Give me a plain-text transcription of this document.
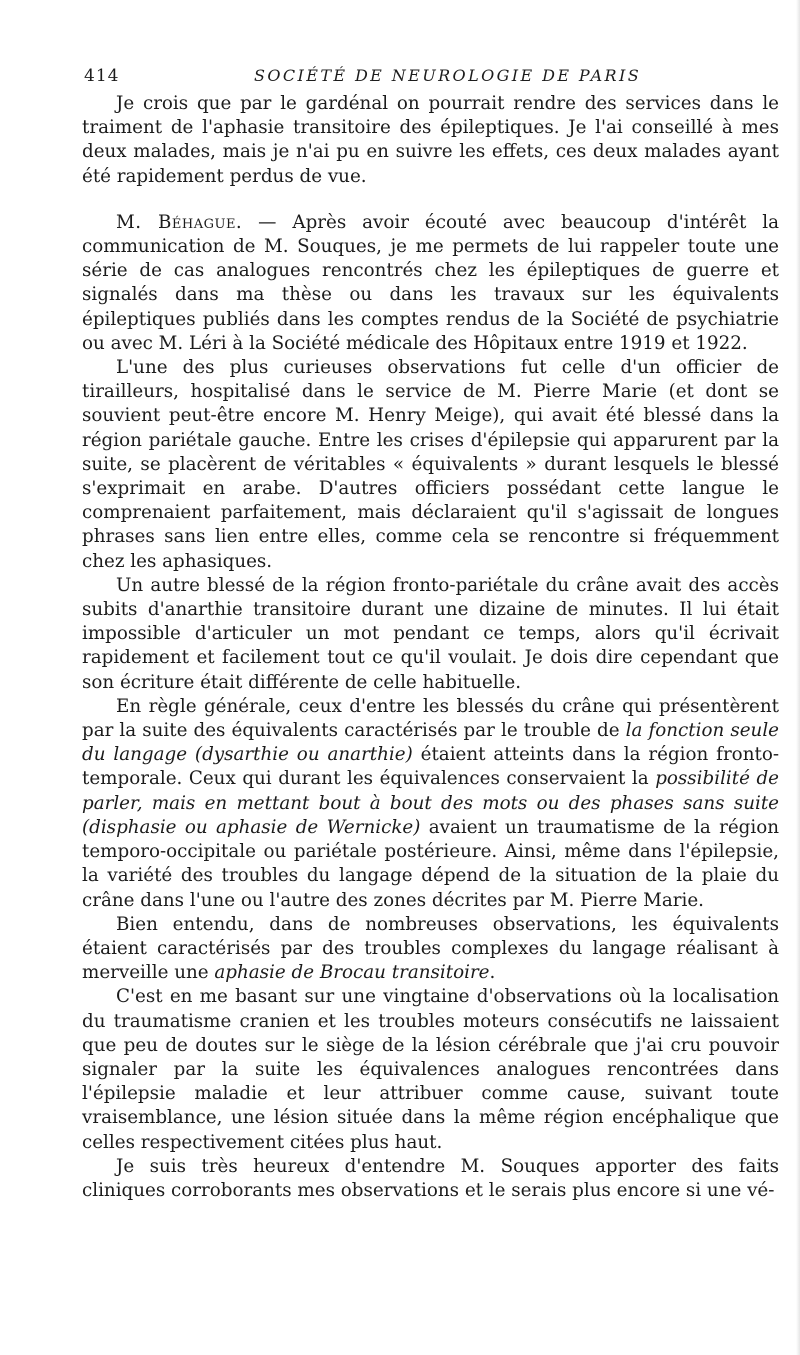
414	SOCIÉTÉ DE NEUROLOGIE DE PARIS

Je crois que par le gardénal on pourrait rendre des services dans le traiment de l'aphasie transitoire des épileptiques. Je l'ai conseillé à mes deux malades, mais je n'ai pu en suivre les effets, ces deux malades ayant été rapidement perdus de vue.

M. Béhague. — Après avoir écouté avec beaucoup d'intérêt la communication de M. Souques, je me permets de lui rappeler toute une série de cas analogues rencontrés chez les épileptiques de guerre et signalés dans ma thèse ou dans les travaux sur les équivalents épileptiques publiés dans les comptes rendus de la Société de psychiatrie ou avec M. Léri à la Société médicale des Hôpitaux entre 1919 et 1922.

L'une des plus curieuses observations fut celle d'un officier de tirailleurs, hospitalisé dans le service de M. Pierre Marie (et dont se souvient peut-être encore M. Henry Meige), qui avait été blessé dans la région pariétale gauche. Entre les crises d'épilepsie qui apparurent par la suite, se placèrent de véritables « équivalents » durant lesquels le blessé s'exprimait en arabe. D'autres officiers possédant cette langue le comprenaient parfaitement, mais déclaraient qu'il s'agissait de longues phrases sans lien entre elles, comme cela se rencontre si fréquemment chez les aphasiques.

Un autre blessé de la région fronto-pariétale du crâne avait des accès subits d'anarthie transitoire durant une dizaine de minutes. Il lui était impossible d'articuler un mot pendant ce temps, alors qu'il écrivait rapidement et facilement tout ce qu'il voulait. Je dois dire cependant que son écriture était différente de celle habituelle.

En règle générale, ceux d'entre les blessés du crâne qui présentèrent par la suite des équivalents caractérisés par le trouble de la fonction seule du langage (dysarthie ou anarthie) étaient atteints dans la région fronto-temporale. Ceux qui durant les équivalences conservaient la possibilité de parler, mais en mettant bout à bout des mots ou des phases sans suite (disphasie ou aphasie de Wernicke) avaient un traumatisme de la région temporo-occipitale ou pariétale postérieure. Ainsi, même dans l'épilepsie, la variété des troubles du langage dépend de la situation de la plaie du crâne dans l'une ou l'autre des zones décrites par M. Pierre Marie.

Bien entendu, dans de nombreuses observations, les équivalents étaient caractérisés par des troubles complexes du langage réalisant à merveille une aphasie de Brocau transitoire.

C'est en me basant sur une vingtaine d'observations où la localisation du traumatisme cranien et les troubles moteurs consécutifs ne laissaient que peu de doutes sur le siège de la lésion cérébrale que j'ai cru pouvoir signaler par la suite les équivalences analogues rencontrées dans l'épilepsie maladie et leur attribuer comme cause, suivant toute vraisemblance, une lésion située dans la même région encéphalique que celles respectivement citées plus haut.

Je suis très heureux d'entendre M. Souques apporter des faits cliniques corroborants mes observations et le serais plus encore si une vé-
